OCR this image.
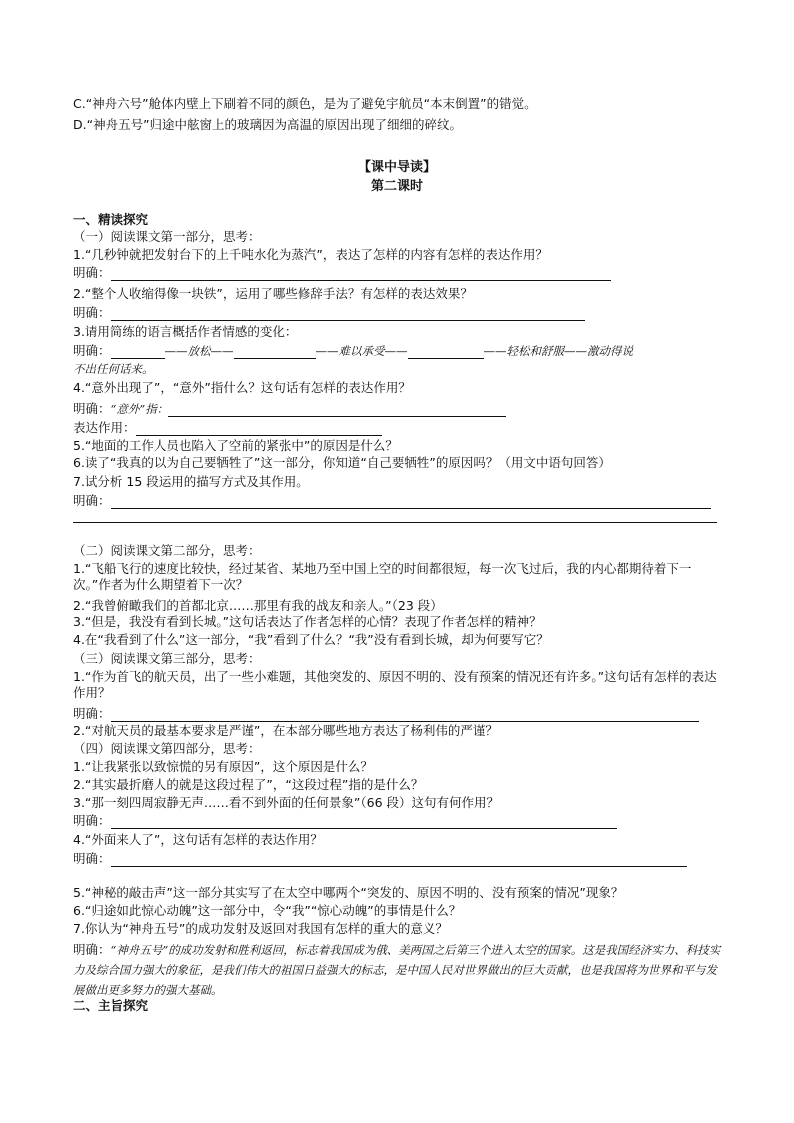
C.“神舟六号”舱体内壁上下刷着不同的颜色，是为了避免宇航员“本末倒置”的错觉。
D.“神舟五号”归途中舷窗上的玻璃因为高温的原因出现了细细的碎纹。
【课中导读】
第二课时
一、精读探究
（一）阅读课文第一部分，思考：
1.“几秒钟就把发射台下的上千吨水化为蒸汽”，表达了怎样的内容有怎样的表达作用？
明确：
2.“整个人收缩得像一块铁”，运用了哪些修辞手法？有怎样的表达效果？
明确：
3.请用简练的语言概括作者情感的变化：
明确：	——放松——	——难以承受——	——轻松和舒服——激动得说
不出任何话来。
4.“意外出现了”，“意外”指什么？这句话有怎样的表达作用？
明确：“意外”指：
表达作用：
5.“地面的工作人员也陷入了空前的紧张中”的原因是什么？
6.读了“我真的以为自己要牺牲了”这一部分，你知道“自己要牺牲”的原因吗？（用文中语句回答）
7.试分析 15 段运用的描写方式及其作用。
明确：
（二）阅读课文第二部分，思考：
1.“飞船飞行的速度比较快，经过某省、某地乃至中国上空的时间都很短，每一次飞过后，我的内心都期待着下一次。”作者为什么期望着下一次？
2.“我曾俯瞰我们的首都北京……那里有我的战友和亲人。”（23 段）
3.“但是，我没有看到长城。”这句话表达了作者怎样的心情？表现了作者怎样的精神？
4.在“我看到了什么”这一部分，“我”看到了什么？“我”没有看到长城，却为何要写它？
（三）阅读课文第三部分，思考：
1.“作为首飞的航天员，出了一些小难题，其他突发的、原因不明的、没有预案的情况还有许多。”这句话有怎样的表达作用？
明确：
2.“对航天员的最基本要求是严谨”，在本部分哪些地方表达了杨利伟的严谨？
（四）阅读课文第四部分，思考：
1.“让我紧张以致惊慌的另有原因”，这个原因是什么？
2.“其实最折磨人的就是这段过程了”，“这段过程”指的是什么？
3.“那一刻四周寂静无声……看不到外面的任何景象”（66 段）这句有何作用？
明确：
4.“外面来人了”，这句话有怎样的表达作用？
明确：
5.“神秘的敲击声”这一部分其实写了在太空中哪两个“突发的、原因不明的、没有预案的情况”现象？
6.“归途如此惊心动魄”这一部分中，令“我”“惊心动魄”的事情是什么？
7.你认为“神舟五号”的成功发射及返回对我国有怎样的重大的意义？
明确：“神舟五号”的成功发射和胜利返回，标志着我国成为俄、美两国之后第三个进入太空的国家。这是我国经济实力、科技实力及综合国力强大的象征，是我们伟大的祖国日益强大的标志，是中国人民对世界做出的巨大贡献，也是我国将为世界和平与发展做出更多努力的强大基础。
二、主旨探究
